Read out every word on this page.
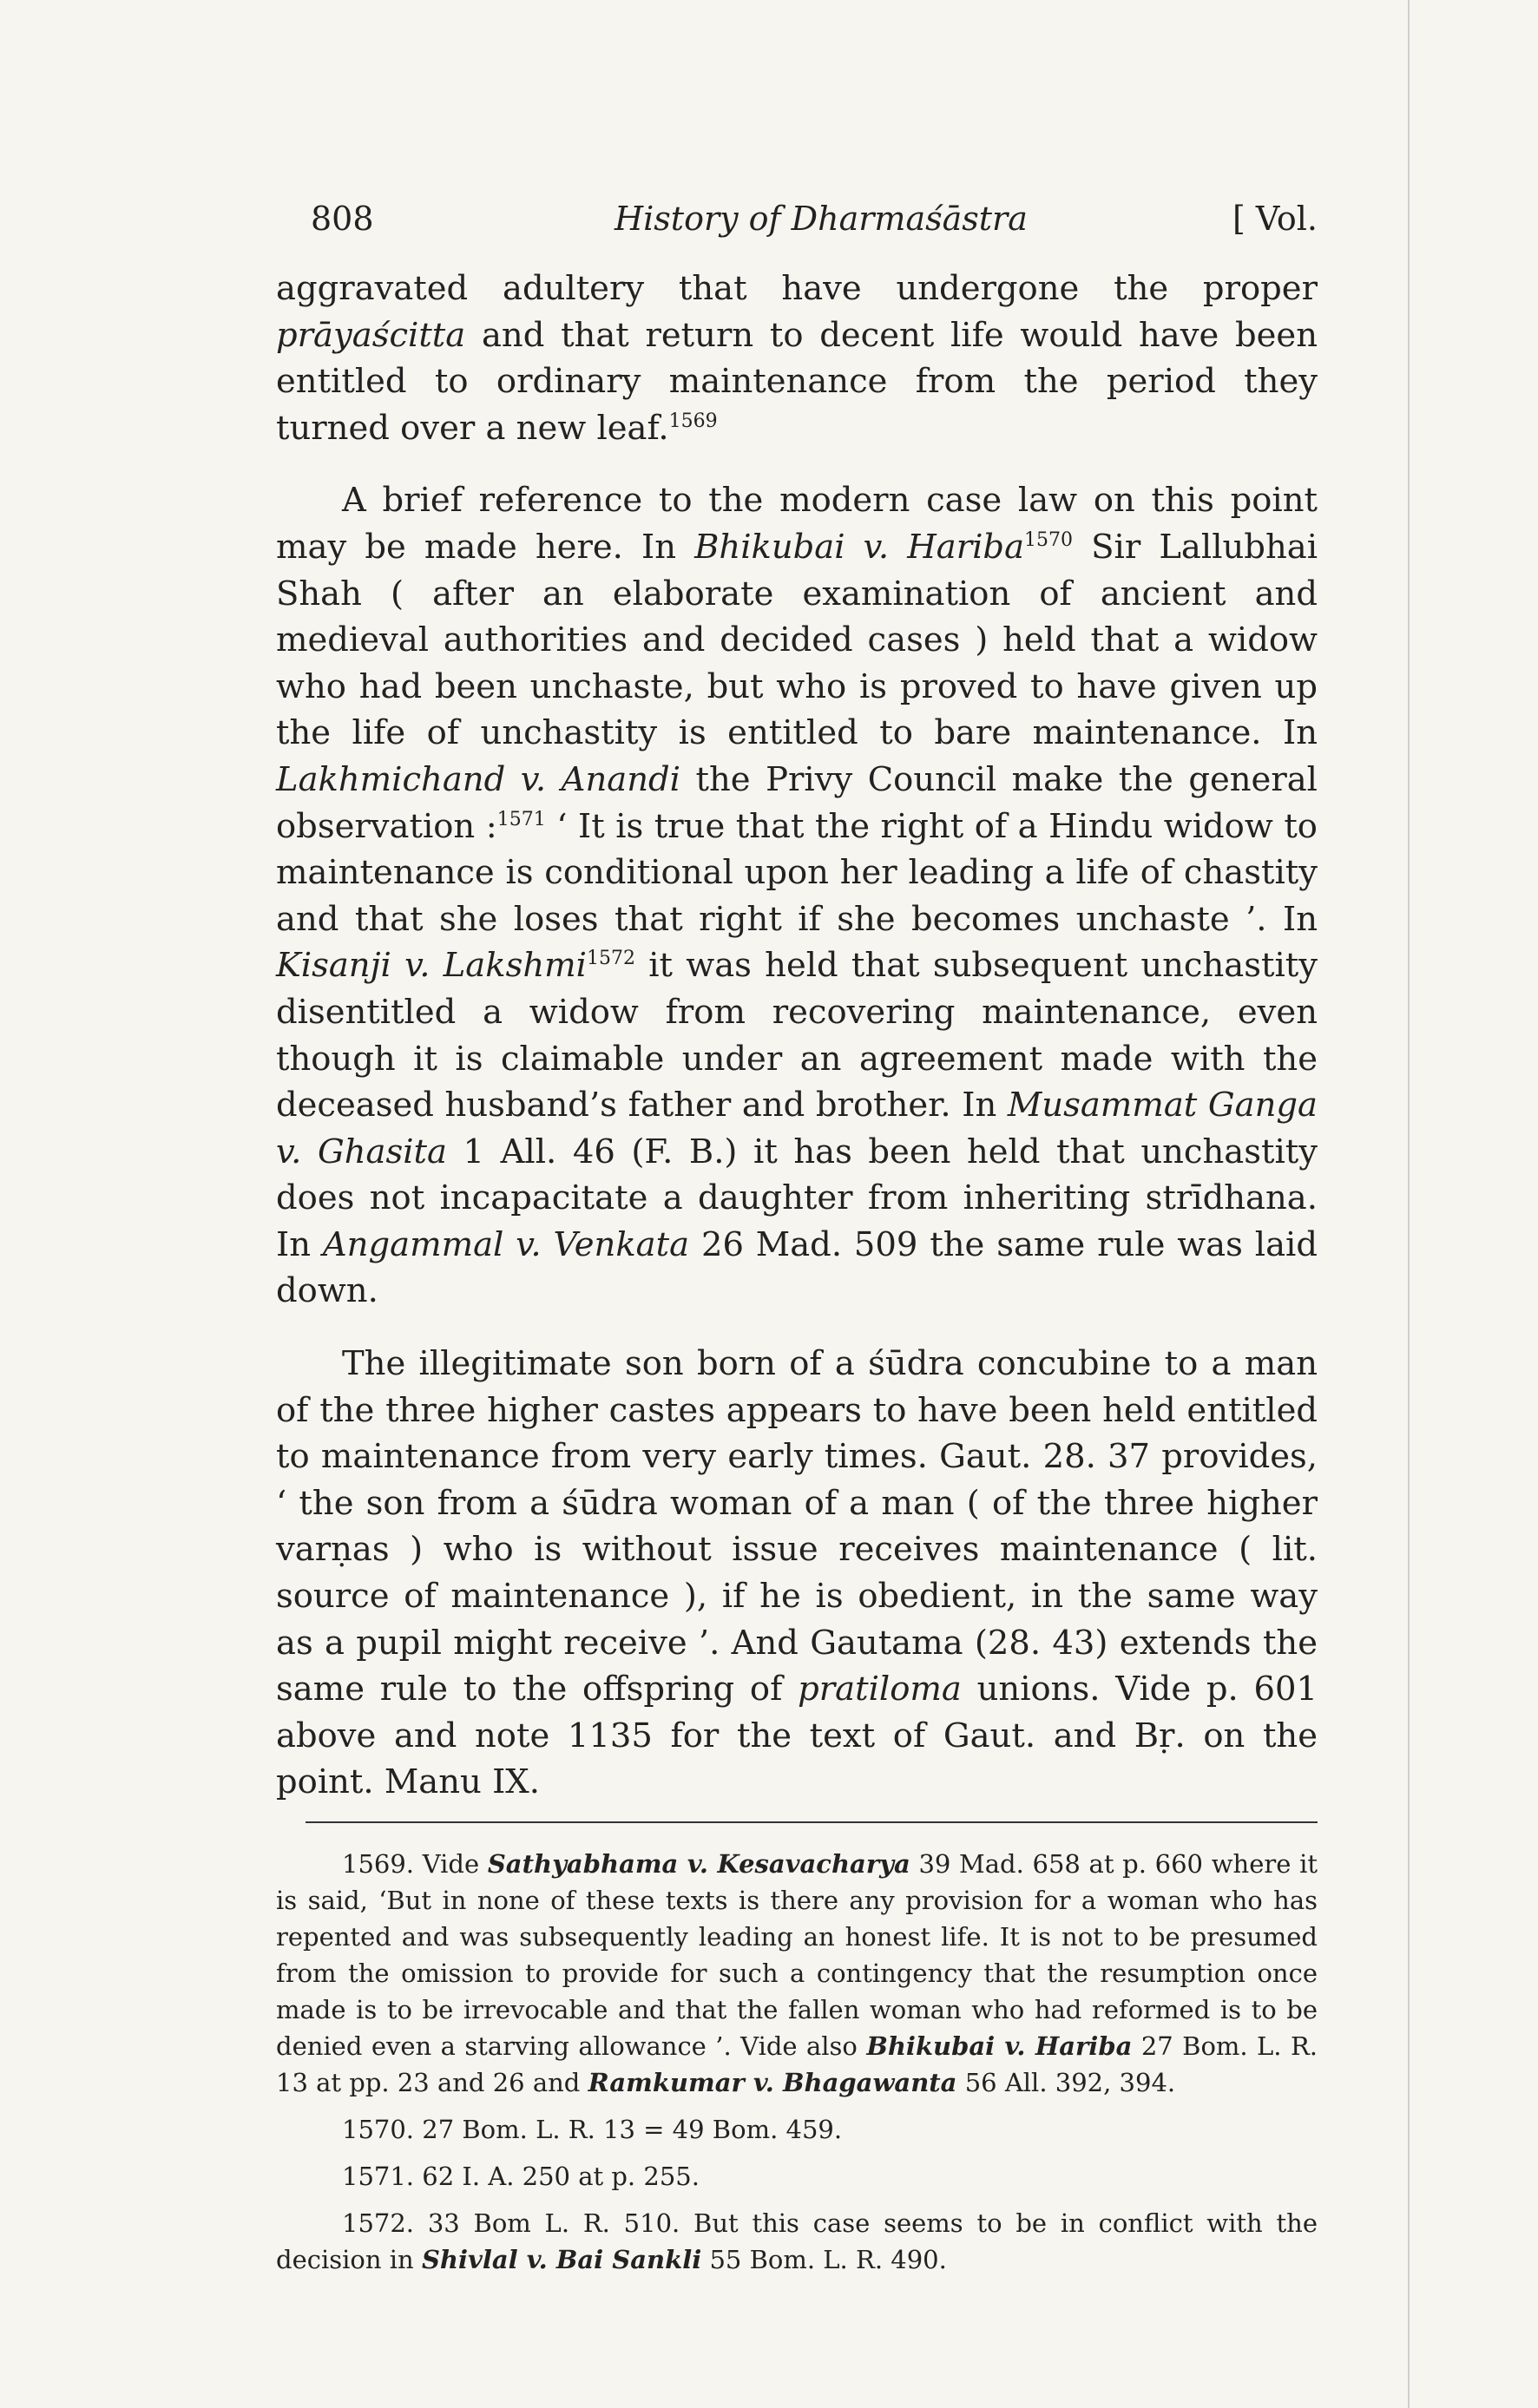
808	History of Dharmaśāstra	[ Vol.

aggravated adultery that have undergone the proper prāyaścitta and that return to decent life would have been entitled to ordinary maintenance from the period they turned over a new leaf.$^{1569}$

A brief reference to the modern case law on this point may be made here. In Bhikubai v. Hariba$^{1570}$ Sir Lallubhai Shah ( after an elaborate examination of ancient and medieval authorities and decided cases ) held that a widow who had been unchaste, but who is proved to have given up the life of unchastity is entitled to bare maintenance. In Lakhmichand v. Anandi the Privy Council make the general observation :$^{1571}$ ‘ It is true that the right of a Hindu widow to maintenance is conditional upon her leading a life of chastity and that she loses that right if she becomes unchaste ’. In Kisanji v. Lakshmi$^{1572}$ it was held that subsequent unchastity disentitled a widow from recovering maintenance, even though it is claimable under an agreement made with the deceased husband’s father and brother. In Musammat Ganga v. Ghasita 1 All. 46 (F. B.) it has been held that unchastity does not incapacitate a daughter from inheriting strīdhana. In Angammal v. Venkata 26 Mad. 509 the same rule was laid down.

The illegitimate son born of a śūdra concubine to a man of the three higher castes appears to have been held entitled to maintenance from very early times. Gaut. 28. 37 provides, ‘ the son from a śūdra woman of a man ( of the three higher varṇas ) who is without issue receives maintenance ( lit. source of maintenance ), if he is obedient, in the same way as a pupil might receive ’. And Gautama (28. 43) extends the same rule to the offspring of pratiloma unions. Vide p. 601 above and note 1135 for the text of Gaut. and Bṛ. on the point. Manu IX.

1569. Vide Sathyabhama v. Kesavacharya 39 Mad. 658 at p. 660 where it is said, ‘But in none of these texts is there any provision for a woman who has repented and was subsequently leading an honest life. It is not to be presumed from the omission to provide for such a contingency that the resumption once made is to be irrevocable and that the fallen woman who had reformed is to be denied even a starving allowance ’. Vide also Bhikubai v. Hariba 27 Bom. L. R. 13 at pp. 23 and 26 and Ramkumar v. Bhagawanta 56 All. 392, 394.

1570. 27 Bom. L. R. 13 = 49 Bom. 459.

1571. 62 I. A. 250 at p. 255.

1572. 33 Bom L. R. 510. But this case seems to be in conflict with the decision in Shivlal v. Bai Sankli 55 Bom. L. R. 490.
